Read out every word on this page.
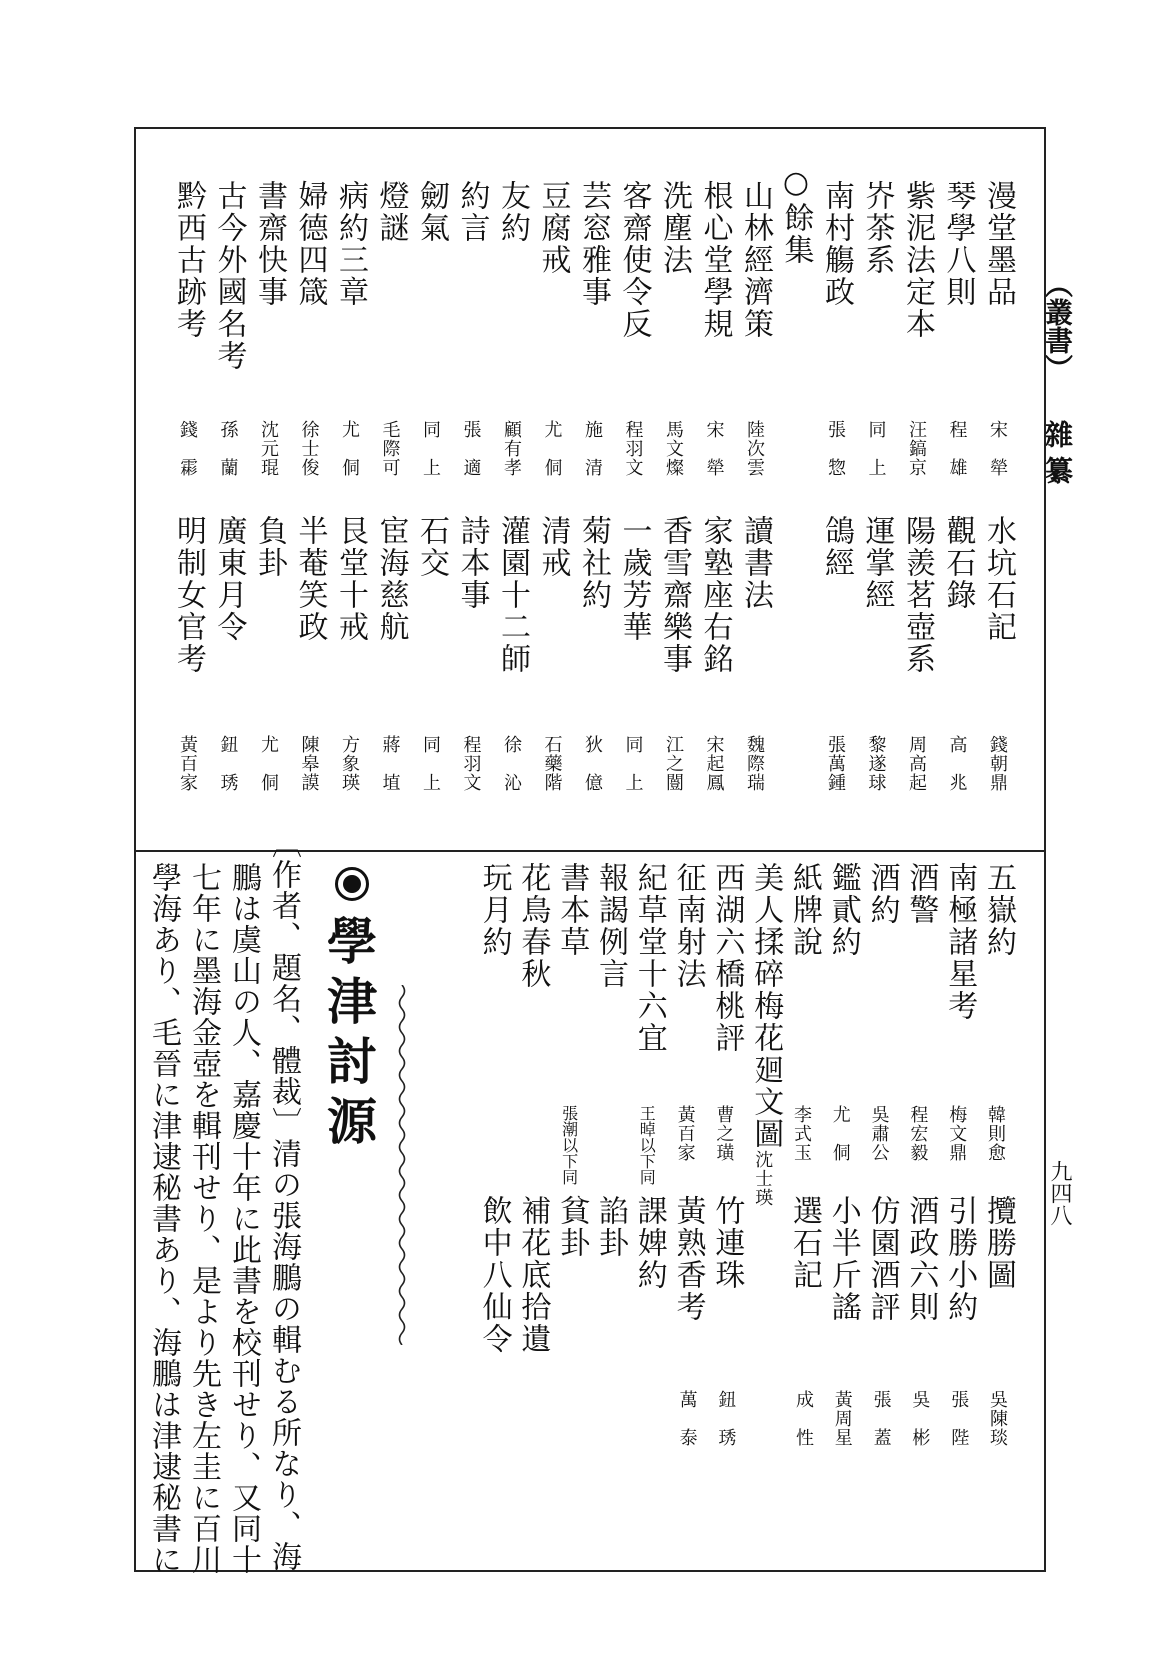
（叢書）
雜纂
九四八
漫堂墨品
宋　犖
水坑石記
錢朝鼎
琴學八則
程　雄
觀石錄
高　兆
紫泥法定本
汪鎬京
陽羨茗壺系
周高起
岕茶系
同　上
運掌經
黎遂球
南村觴政
張　惣
鴿經
張萬鍾
○餘集
山林經濟策
陸次雲
讀書法
魏際瑞
根心堂學規
宋　犖
家塾座右銘
宋起鳳
洗塵法
馬文燦
香雪齋樂事
江之闓
客齋使令反
程羽文
一歲芳華
同　上
芸窓雅事
施　清
菊社約
狄　億
豆腐戒
尤　侗
清戒
石藥階
友約
顧有孝
灌園十二師
徐　沁
約言
張　適
詩本事
程羽文
劒氣
同　上
石交
同　上
燈謎
毛際可
宦海慈航
蔣　埴
病約三章
尤　侗
艮堂十戒
方象瑛
婦德四箴
徐士俊
半菴笑政
陳皋謨
書齋快事
沈元琨
負卦
尤　侗
古今外國名考
孫　蘭
廣東月令
鈕　琇
黔西古跡考
錢　霦
明制女官考
黃百家
五嶽約
韓則愈
攬勝圖
吳陳琰
南極諸星考
梅文鼎
引勝小約
張　陛
酒警
程宏毅
酒政六則
吳　彬
酒約
吳肅公
仿園酒評
張　蓋
鑑貳約
尤　侗
小半斤謠
黃周星
紙牌說
李式玉
選石記
成　性
美人揉碎梅花廻文圖
沈士瑛
西湖六橋桃評
曹之璜
竹連珠
鈕　琇
征南射法
黃百家
黃熟香考
萬　泰
紀草堂十六宜
王晫以下同
課婢約
報謁例言
諂卦
書本草
張潮以下同
貧卦
花鳥春秋
補花底拾遺
玩月約
飲中八仙令
學津討源
〔作者、題名、體裁〕清の張海鵬の輯むる所なり、海
鵬は虞山の人、嘉慶十年に此書を校刊せり、又同十
七年に墨海金壺を輯刊せり、是より先き左圭に百川
學海あり、毛晉に津逮秘書あり、海鵬は津逮秘書に
